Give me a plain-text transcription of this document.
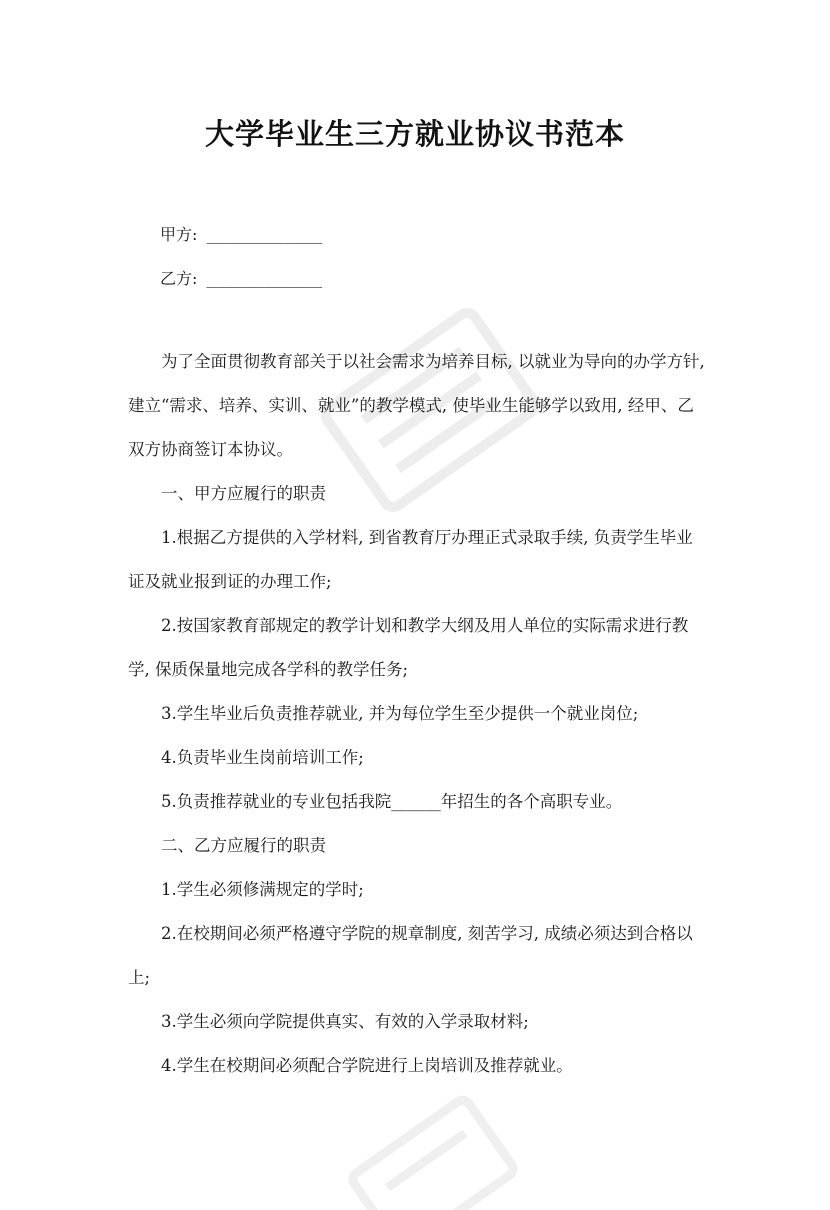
大学毕业生三方就业协议书范本
甲方: ____________
乙方: ____________

为了全面贯彻教育部关于以社会需求为培养目标, 以就业为导向的办学方针, 建立“需求、培养、实训、就业”的教学模式, 使毕业生能够学以致用, 经甲、乙双方协商签订本协议。

一、甲方应履行的职责

1.根据乙方提供的入学材料, 到省教育厅办理正式录取手续, 负责学生毕业证及就业报到证的办理工作;

2.按国家教育部规定的教学计划和教学大纲及用人单位的实际需求进行教学, 保质保量地完成各学科的教学任务;

3.学生毕业后负责推荐就业, 并为每位学生至少提供一个就业岗位;

4.负责毕业生岗前培训工作;

5.负责推荐就业的专业包括我院______年招生的各个高职专业。

二、乙方应履行的职责

1.学生必须修满规定的学时;

2.在校期间必须严格遵守学院的规章制度, 刻苦学习, 成绩必须达到合格以上;

3.学生必须向学院提供真实、有效的入学录取材料;

4.学生在校期间必须配合学院进行上岗培训及推荐就业。
